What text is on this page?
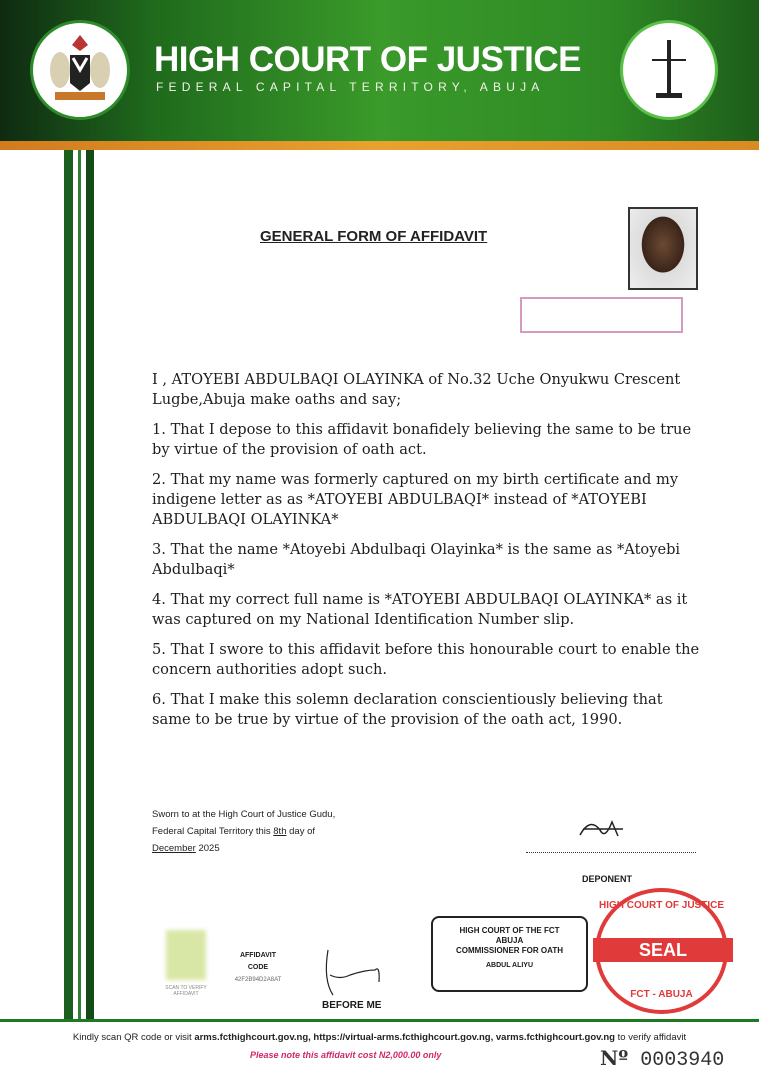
HIGH COURT OF JUSTICE
FEDERAL CAPITAL TERRITORY, ABUJA
GENERAL FORM OF AFFIDAVIT

I , ATOYEBI ABDULBAQI OLAYINKA of No.32 Uche Onyukwu Crescent Lugbe,Abuja make oaths and say;

1. That I depose to this affidavit bonafidely believing the same to be true by virtue of the provision of oath act.

2. That my name was formerly captured on my birth certificate and my indigene letter as as *ATOYEBI ABDULBAQI* instead of *ATOYEBI ABDULBAQI OLAYINKA*

3. That the name *Atoyebi Abdulbaqi Olayinka* is the same as *Atoyebi Abdulbaqi*

4. That my correct full name is *ATOYEBI ABDULBAQI OLAYINKA* as it was captured on my National Identification Number slip.

5. That I swore to this affidavit before this honourable court to enable the concern authorities adopt such.

6. That I make this solemn declaration conscientiously believing that same to be true by virtue of the provision of the oath act, 1990.

Sworn to at the High Court of Justice Gudu,
Federal Capital Territory this 8th day of
December 2025
DEPONENT
SCAN TO VERIFY AFFIDAVIT
AFFIDAVIT
CODE
42F2B94D2A8AT
BEFORE ME
HIGH COURT OF THE FCT
ABUJA
COMMISSIONER FOR OATH
ABDUL ALIYU
HIGH COURT OF JUSTICE
SEAL
FCT - ABUJA
Kindly scan QR code or visit arms.fcthighcourt.gov.ng, https://virtual-arms.fcthighcourt.gov.ng, varms.fcthighcourt.gov.ng to verify affidavit
Please note this affidavit cost N2,000.00 only	Nº 0003940
